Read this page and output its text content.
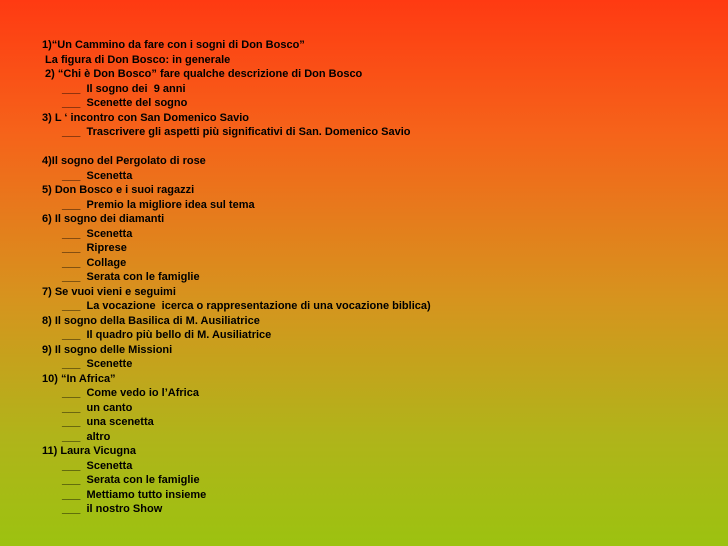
1)“Un Cammino da fare con i sogni di Don Bosco”
La figura di Don Bosco: in generale
2) “Chi è Don Bosco” fare qualche descrizione di Don Bosco
___ Il sogno dei  9 anni
___ Scenette del sogno
3) L ‘ incontro con San Domenico Savio
___ Trascrivere gli aspetti più significativi di San. Domenico Savio
4)Il sogno del Pergolato di rose
___ Scenetta
5) Don Bosco e i suoi ragazzi
___ Premio la migliore idea sul tema
6) Il sogno dei diamanti
___ Scenetta
___ Riprese
___ Collage
___ Serata con le famiglie
7) Se vuoi vieni e seguimi
___ La vocazione  icerca o rappresentazione di una vocazione biblica)
8) Il sogno della Basilica di M. Ausiliatrice
___ Il quadro più bello di M. Ausiliatrice
9) Il sogno delle Missioni
___ Scenette
10) “In Africa”
___ Come vedo io l’Africa
___ un canto
___ una scenetta
___ altro
11) Laura Vicugna
___ Scenetta
___ Serata con le famiglie
___ Mettiamo tutto insieme
___ il nostro Show
